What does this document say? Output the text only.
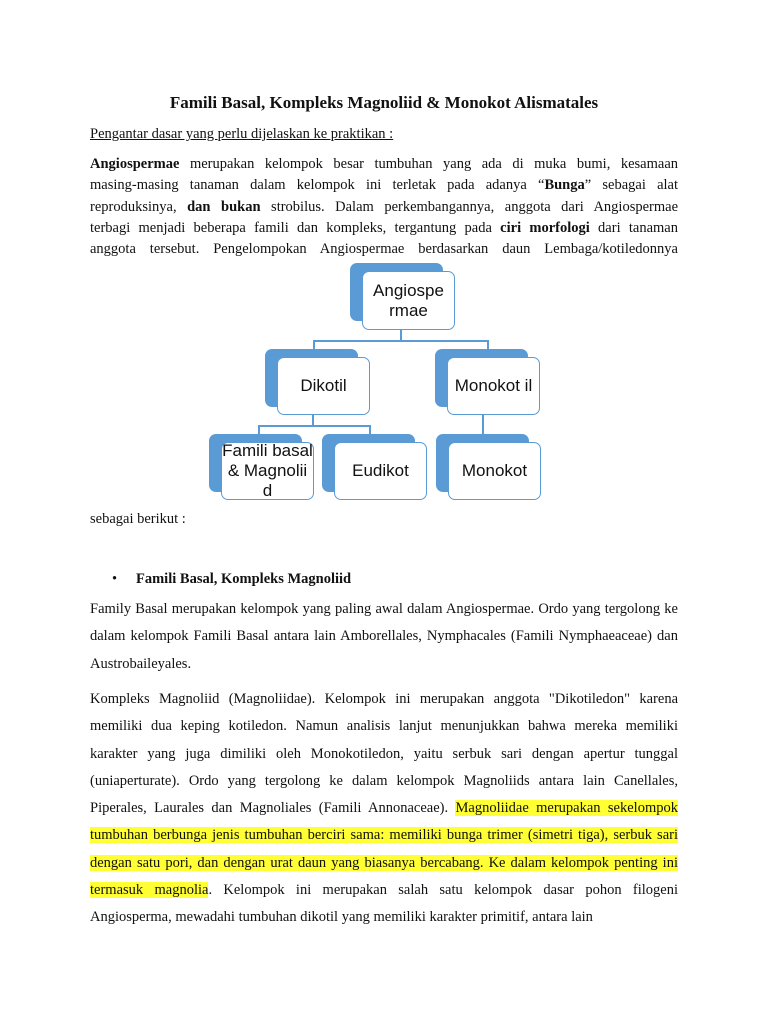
Famili Basal, Kompleks Magnoliid & Monokot Alismatales
Pengantar dasar yang perlu dijelaskan ke praktikan :

Angiospermae merupakan kelompok besar tumbuhan yang ada di muka bumi, kesamaan

masing-masing tanaman dalam kelompok ini terletak pada adanya “Bunga” sebagai alat

reproduksinya, dan bukan strobilus. Dalam perkembangannya, anggota dari Angiospermae

terbagi menjadi beberapa famili dan kompleks, tergantung pada ciri morfologi dari tanaman

anggota tersebut. Pengelompokan Angiospermae berdasarkan daun Lembaga/kotiledonnya

Angiospe rmae
Dikotil	Monokot il
Famili basal & Magnolii d
Eudikot	Monokot
sebagai berikut :
• Famili Basal, Kompleks Magnoliid

Family Basal merupakan kelompok yang paling awal dalam Angiospermae. Ordo yang tergolong ke dalam kelompok Famili Basal antara lain Amborellales, Nymphacales (Famili Nymphaeaceae) dan Austrobaileyales.

Kompleks Magnoliid (Magnoliidae). Kelompok ini merupakan anggota "Dikotiledon" karena memiliki dua keping kotiledon. Namun analisis lanjut menunjukkan bahwa mereka memiliki karakter yang juga dimiliki oleh Monokotiledon, yaitu serbuk sari dengan apertur tunggal (uniaperturate). Ordo yang tergolong ke dalam kelompok Magnoliids antara lain Canellales, Piperales, Laurales dan Magnoliales (Famili Annonaceae). Magnoliidae merupakan sekelompok tumbuhan berbunga jenis tumbuhan berciri sama: memiliki bunga trimer (simetri tiga), serbuk sari dengan satu pori, dan dengan urat daun yang biasanya bercabang. Ke dalam kelompok penting ini termasuk magnolia. Kelompok ini merupakan salah satu kelompok dasar pohon filogeni Angiosperma, mewadahi tumbuhan dikotil yang memiliki karakter primitif, antara lain
